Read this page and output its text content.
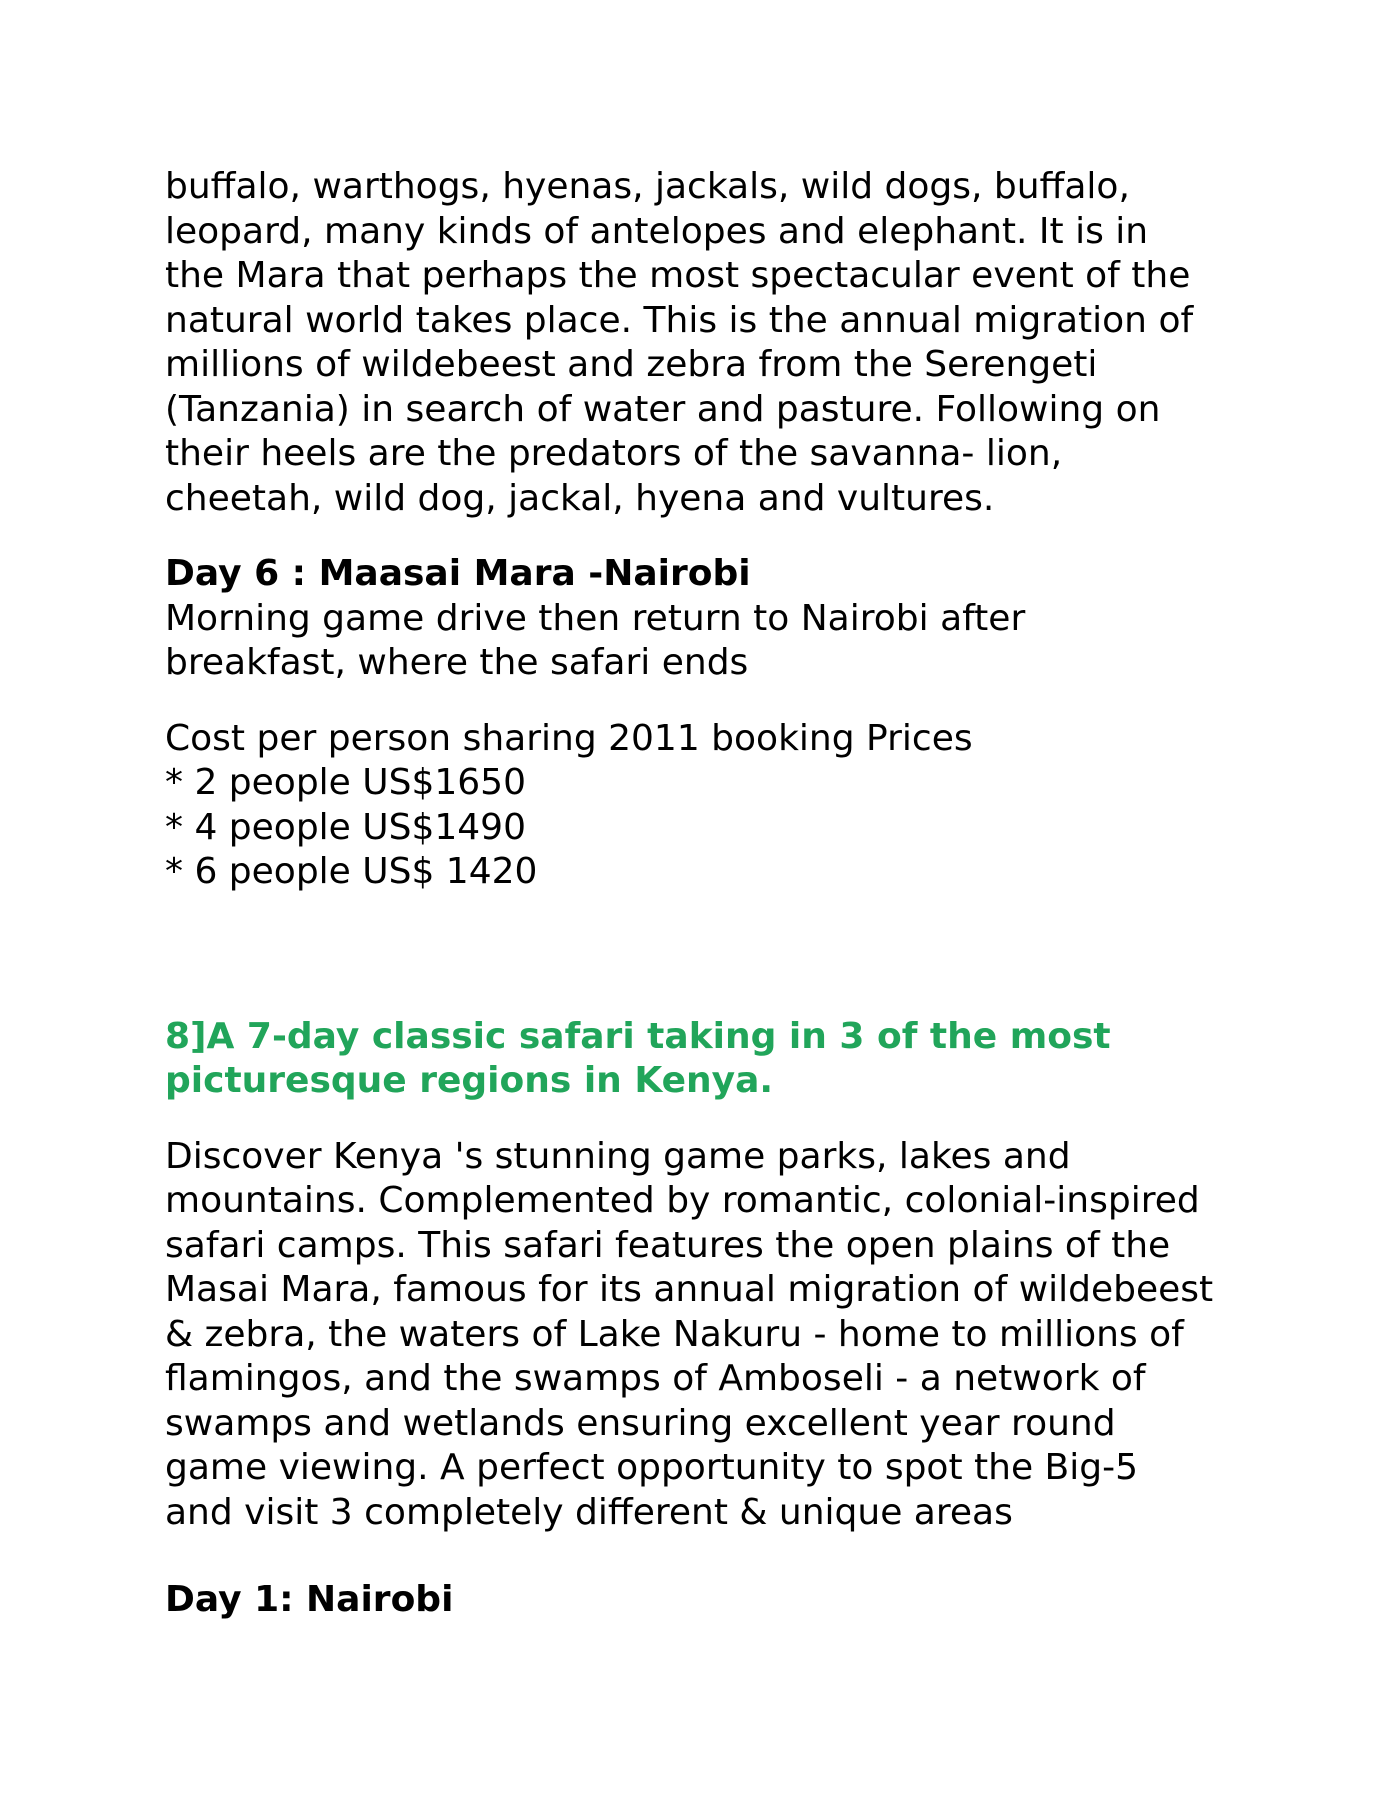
buffalo, warthogs, hyenas, jackals, wild dogs, buffalo,
leopard, many kinds of antelopes and elephant. It is in
the Mara that perhaps the most spectacular event of the
natural world takes place. This is the annual migration of
millions of wildebeest and zebra from the Serengeti
(Tanzania) in search of water and pasture. Following on
their heels are the predators of the savanna- lion,
cheetah, wild dog, jackal, hyena and vultures.

Day 6 : Maasai Mara -Nairobi

Morning game drive then return to Nairobi after
breakfast, where the safari ends

Cost per person sharing 2011 booking Prices

* 2 people US$1650

* 4 people US$1490

* 6 people US$ 1420

8]A 7-day classic safari taking in 3 of the most
picturesque regions in Kenya.

Discover Kenya 's stunning game parks, lakes and
mountains. Complemented by romantic, colonial-inspired
safari camps. This safari features the open plains of the
Masai Mara, famous for its annual migration of wildebeest
& zebra, the waters of Lake Nakuru - home to millions of
flamingos, and the swamps of Amboseli - a network of
swamps and wetlands ensuring excellent year round
game viewing. A perfect opportunity to spot the Big-5
and visit 3 completely different & unique areas

Day 1: Nairobi
